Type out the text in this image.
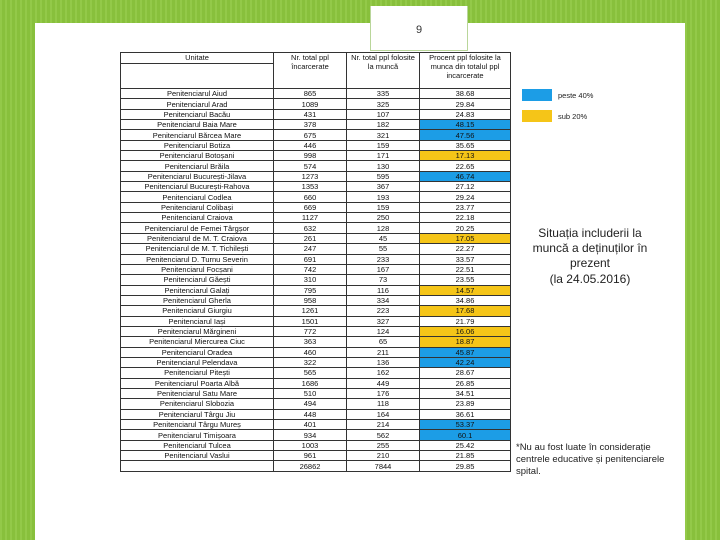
9
Unitate	Nr. total ppl încarcerate	Nr. total ppl folosite la muncă	Procent ppl folosite la munca din totalul ppl incarcerate

Penitenciarul Aiud	865	335	38.68
Penitenciarul Arad	1089	325	29.84
Penitenciarul Bacău	431	107	24.83
Penitenciarul Baia Mare	378	182	48.15
Penitenciarul Bărcea Mare	675	321	47.56
Penitenciarul Botiza	446	159	35.65
Penitenciarul Botoșani	998	171	17.13
Penitenciarul Brăila	574	130	22.65
Penitenciarul București-Jilava	1273	595	46.74
Penitenciarul București-Rahova	1353	367	27.12
Penitenciarul Codlea	660	193	29.24
Penitenciarul Colibași	669	159	23.77
Penitenciarul Craiova	1127	250	22.18
Penitenciarul de Femei Târgșor	632	128	20.25
Penitenciarul de M. T. Craiova	261	45	17.05
Penitenciarul de M. T. Tichilești	247	55	22.27
Penitenciarul D. Turnu Severin	691	233	33.57
Penitenciarul Focșani	742	167	22.51
Penitenciarul Găești	310	73	23.55
Penitenciarul Galați	795	116	14.57
Penitenciarul Gherla	958	334	34.86
Penitenciarul Giurgiu	1261	223	17.68
Penitenciarul Iași	1501	327	21.79
Penitenciarul Mărgineni	772	124	16.06
Penitenciarul Miercurea Ciuc	363	65	18.87
Penitenciarul Oradea	460	211	45.87
Penitenciarul Pelendava	322	136	42.24
Penitenciarul Pitești	565	162	28.67
Penitenciarul Poarta Albă	1686	449	26.85
Penitenciarul Satu Mare	510	176	34.51
Penitenciarul Slobozia	494	118	23.89
Penitenciarul Târgu Jiu	448	164	36.61
Penitenciarul Târgu Mureș	401	214	53.37
Penitenciarul Timișoara	934	562	60.1
Penitenciarul Tulcea	1003	255	25.42
Penitenciarul Vaslui	961	210	21.85
	26862	7844	29.85
peste 40%
sub 20%
Situația includerii la
muncă a deținuților în
prezent
(la 24.05.2016)
*Nu au fost luate în considerație centrele educative și penitenciarele spital.
